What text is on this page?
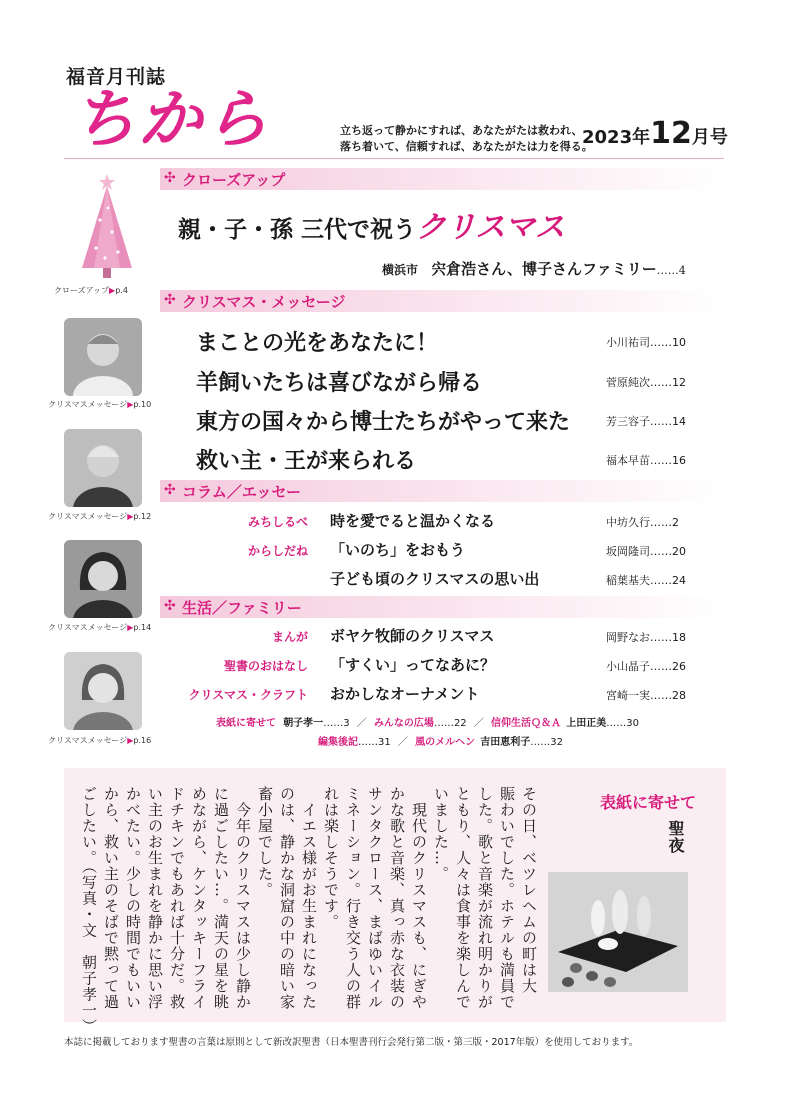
福音月刊誌
ちから	立ち返って静かにすれば、あなたがたは救われ、
落ち着いて、信頼すれば、あなたがたは力を得る。
2023年12月号
クローズアップ▶p.4
クリスマスメッセージ▶p.10
クリスマスメッセージ▶p.12
クリスマスメッセージ▶p.14
クリスマスメッセージ▶p.16
✣ クローズアップ
親・子・孫 三代で祝うクリスマス
横浜市 宍倉浩さん、博子さんファミリー……4
✣ クリスマス・メッセージ
まことの光をあなたに！	小川祐司……10
羊飼いたちは喜びながら帰る	菅原純次……12
東方の国々から博士たちがやって来た	芳三容子……14
救い主・王が来られる	福本早苗……16
✣ コラム／エッセー
みちしるべ 時を愛でると温かくなる	中坊久行……2
からしだね 「いのち」をおもう	坂岡隆司……20
子ども頃のクリスマスの思い出	稲葉基夫……24
✣ 生活／ファミリー
まんが ボヤケ牧師のクリスマス	岡野なお……18
聖書のおはなし 「すくい」ってなあに？	小山晶子……26
クリスマス・クラフト おかしなオーナメント	宮崎一実……28
表紙に寄せて 朝子孝一……3 ／ みんなの広場……22 ／ 信仰生活Ｑ＆Ａ 上田正美……30
編集後記……31 ／ 風のメルヘン 吉田恵利子……32
表紙に寄せて
聖夜
その日、ベツレヘムの町は大
賑わいでした。ホテルも満員で
した。歌と音楽が流れ明かりが
ともり、人々は食事を楽しんで
いました…。
　現代のクリスマスも、にぎや
かな歌と音楽、真っ赤な衣装の
サンタクロース、まばゆいイル
ミネーション。行き交う人の群
れは楽しそうです。
　イエス様がお生まれになった
のは、静かな洞窟の中の暗い家
畜小屋でした。
　今年のクリスマスは少し静か
に過ごしたい…。満天の星を眺
めながら、ケンタッキーフライ
ドチキンでもあれば十分だ。救
い主のお生まれを静かに思い浮
かべたい。少しの時間でもいい
から、救い主のそばで黙って過
ごしたい。（写真・文　朝子孝一）
本誌に掲載しております聖書の言葉は原則として新改訳聖書（日本聖書刊行会発行第二版・第三版・2017年版）を使用しております。
